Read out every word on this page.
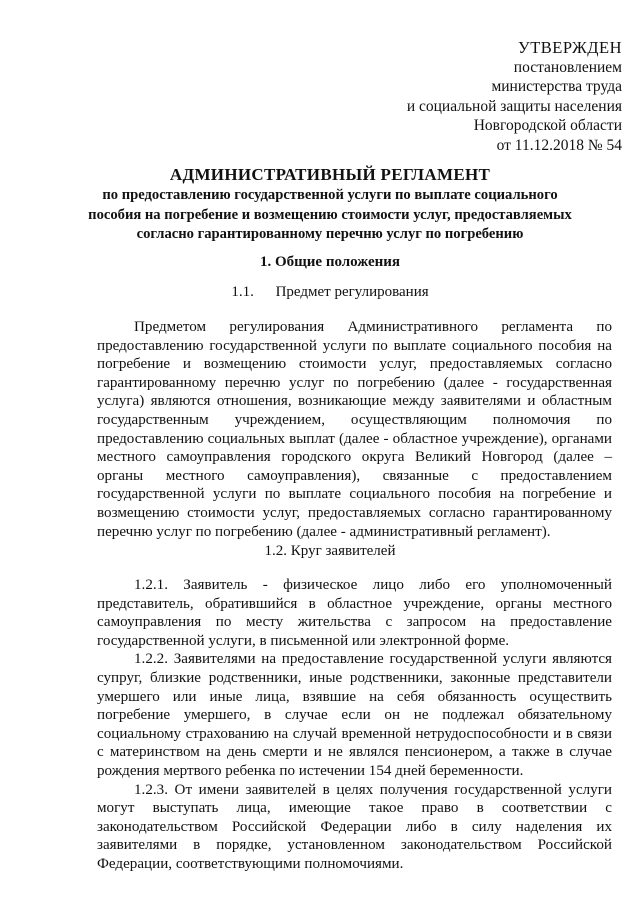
УТВЕРЖДЕН
постановлением
министерства труда
и социальной защиты населения
Новгородской области
от 11.12.2018 № 54
АДМИНИСТРАТИВНЫЙ РЕГЛАМЕНТ
по предоставлению государственной услуги по выплате социального
пособия на погребение и возмещению стоимости услуг, предоставляемых
согласно гарантированному перечню услуг по погребению
1. Общие положения
1.1. Предмет регулирования

Предметом регулирования Административного регламента по предоставлению государственной услуги по выплате социального пособия на погребение и возмещению стоимости услуг, предоставляемых согласно гарантированному перечню услуг по погребению (далее - государственная услуга) являются отношения, возникающие между заявителями и областным государственным учреждением, осуществляющим полномочия по предоставлению социальных выплат (далее - областное учреждение), органами местного самоуправления городского округа Великий Новгород (далее – органы местного самоуправления), связанные с предоставлением государственной услуги по выплате социального пособия на погребение и возмещению стоимости услуг, предоставляемых согласно гарантированному перечню услуг по погребению (далее - административный регламент).

1.2. Круг заявителей

1.2.1. Заявитель - физическое лицо либо его уполномоченный представитель, обратившийся в областное учреждение, органы местного самоуправления по месту жительства с запросом на предоставление государственной услуги, в письменной или электронной форме.

1.2.2. Заявителями на предоставление государственной услуги являются супруг, близкие родственники, иные родственники, законные представители умершего или иные лица, взявшие на себя обязанность осуществить погребение умершего, в случае если он не подлежал обязательному социальному страхованию на случай временной нетрудоспособности и в связи с материнством на день смерти и не являлся пенсионером, а также в случае рождения мертвого ребенка по истечении 154 дней беременности.

1.2.3. От имени заявителей в целях получения государственной услуги могут выступать лица, имеющие такое право в соответствии с законодательством Российской Федерации либо в силу наделения их заявителями в порядке, установленном законодательством Российской Федерации, соответствующими полномочиями.
